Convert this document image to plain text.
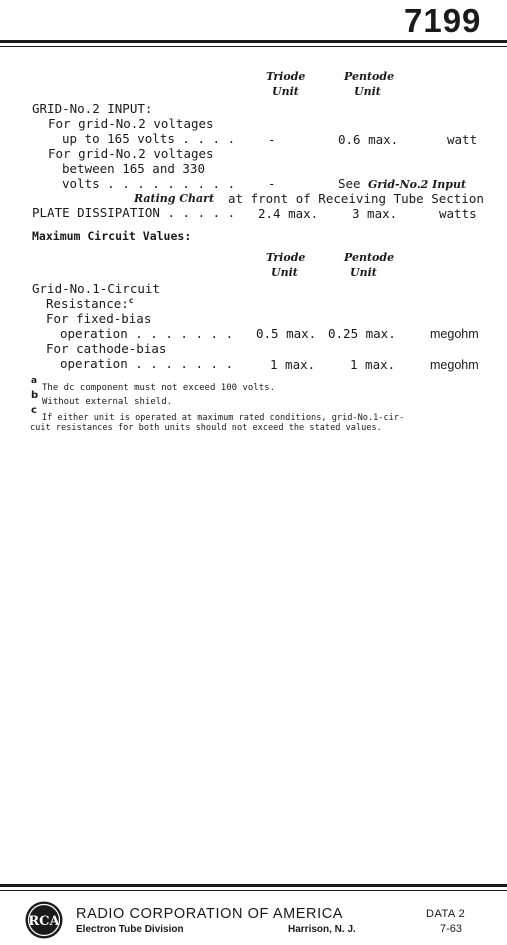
7199
Triode
Unit
Pentode
Unit
GRID-No.2 INPUT:
For grid-No.2 voltages
up to 165 volts . . . .	-	0.6 max.	watt
For grid-No.2 voltages
between 165 and 330
volts . . . . . . . . .	-	See Grid-No.2 Input
Rating Chart at front of Receiving Tube Section
PLATE DISSIPATION . . . . . 2.4 max.	3 max.	watts
Maximum Circuit Values:
Triode
Unit
Pentode
Unit
Grid-No.1-Circuit
Resistance:$^c$
For fixed-bias
operation . . . . . . . 0.5 max. 0.25 max.	megohm
For cathode-bias
operation . . . . . . .	1 max.	1 max.	megohm
a
The dc component must not exceed 100 volts.
b
Without external shield.
c
If either unit is operated at maximum rated conditions, grid-No.1-cir-
cuit resistances for both units should not exceed the stated values.
RCA RADIO CORPORATION OF AMERICA
Electron Tube Division	Harrison, N. J.
DATA 2
7-63
